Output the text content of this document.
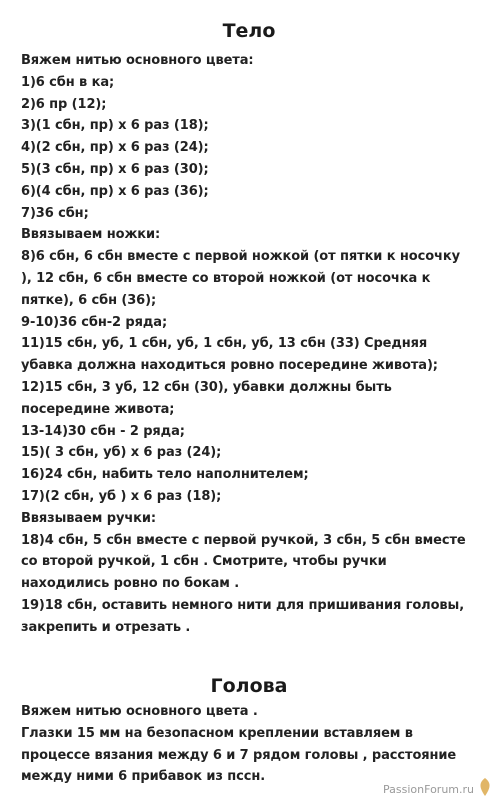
Тело
Вяжем нитью основного цвета:
1)6 сбн в ка;
2)6 пр (12);
3)(1 сбн, пр) х 6 раз (18);
4)(2 сбн, пр) х 6 раз (24);
5)(3 сбн, пр) х 6 раз (30);
6)(4 сбн, пр) х 6 раз (36);
7)36 сбн;
Ввязываем ножки:
8)6 сбн, 6 сбн вместе с первой ножкой (от пятки к носочку
), 12 сбн, 6 сбн вместе со второй ножкой (от носочка к
пятке), 6 сбн (36);
9-10)36 сбн-2 ряда;
11)15 сбн, уб, 1 сбн, уб, 1 сбн, уб, 13 сбн (33) Средняя
убавка должна находиться ровно посередине живота);
12)15 сбн, 3 уб, 12 сбн (30), убавки должны быть
посередине живота;
13-14)30 сбн - 2 ряда;
15)( 3 сбн, уб) х 6 раз (24);
16)24 сбн, набить тело наполнителем;
17)(2 сбн, уб ) х 6 раз (18);
Ввязываем ручки:
18)4 сбн, 5 сбн вместе с первой ручкой, 3 сбн, 5 сбн вместе
со второй ручкой, 1 сбн . Смотрите, чтобы ручки
находились ровно по бокам .
19)18 сбн, оставить немного нити для пришивания головы,
закрепить и отрезать .
Голова
Вяжем нитью основного цвета .
Глазки 15 мм на безопасном креплении вставляем в
процессе вязания между 6 и 7 рядом головы , расстояние
между ними 6 прибавок из пссн.
PassionForum.ru
